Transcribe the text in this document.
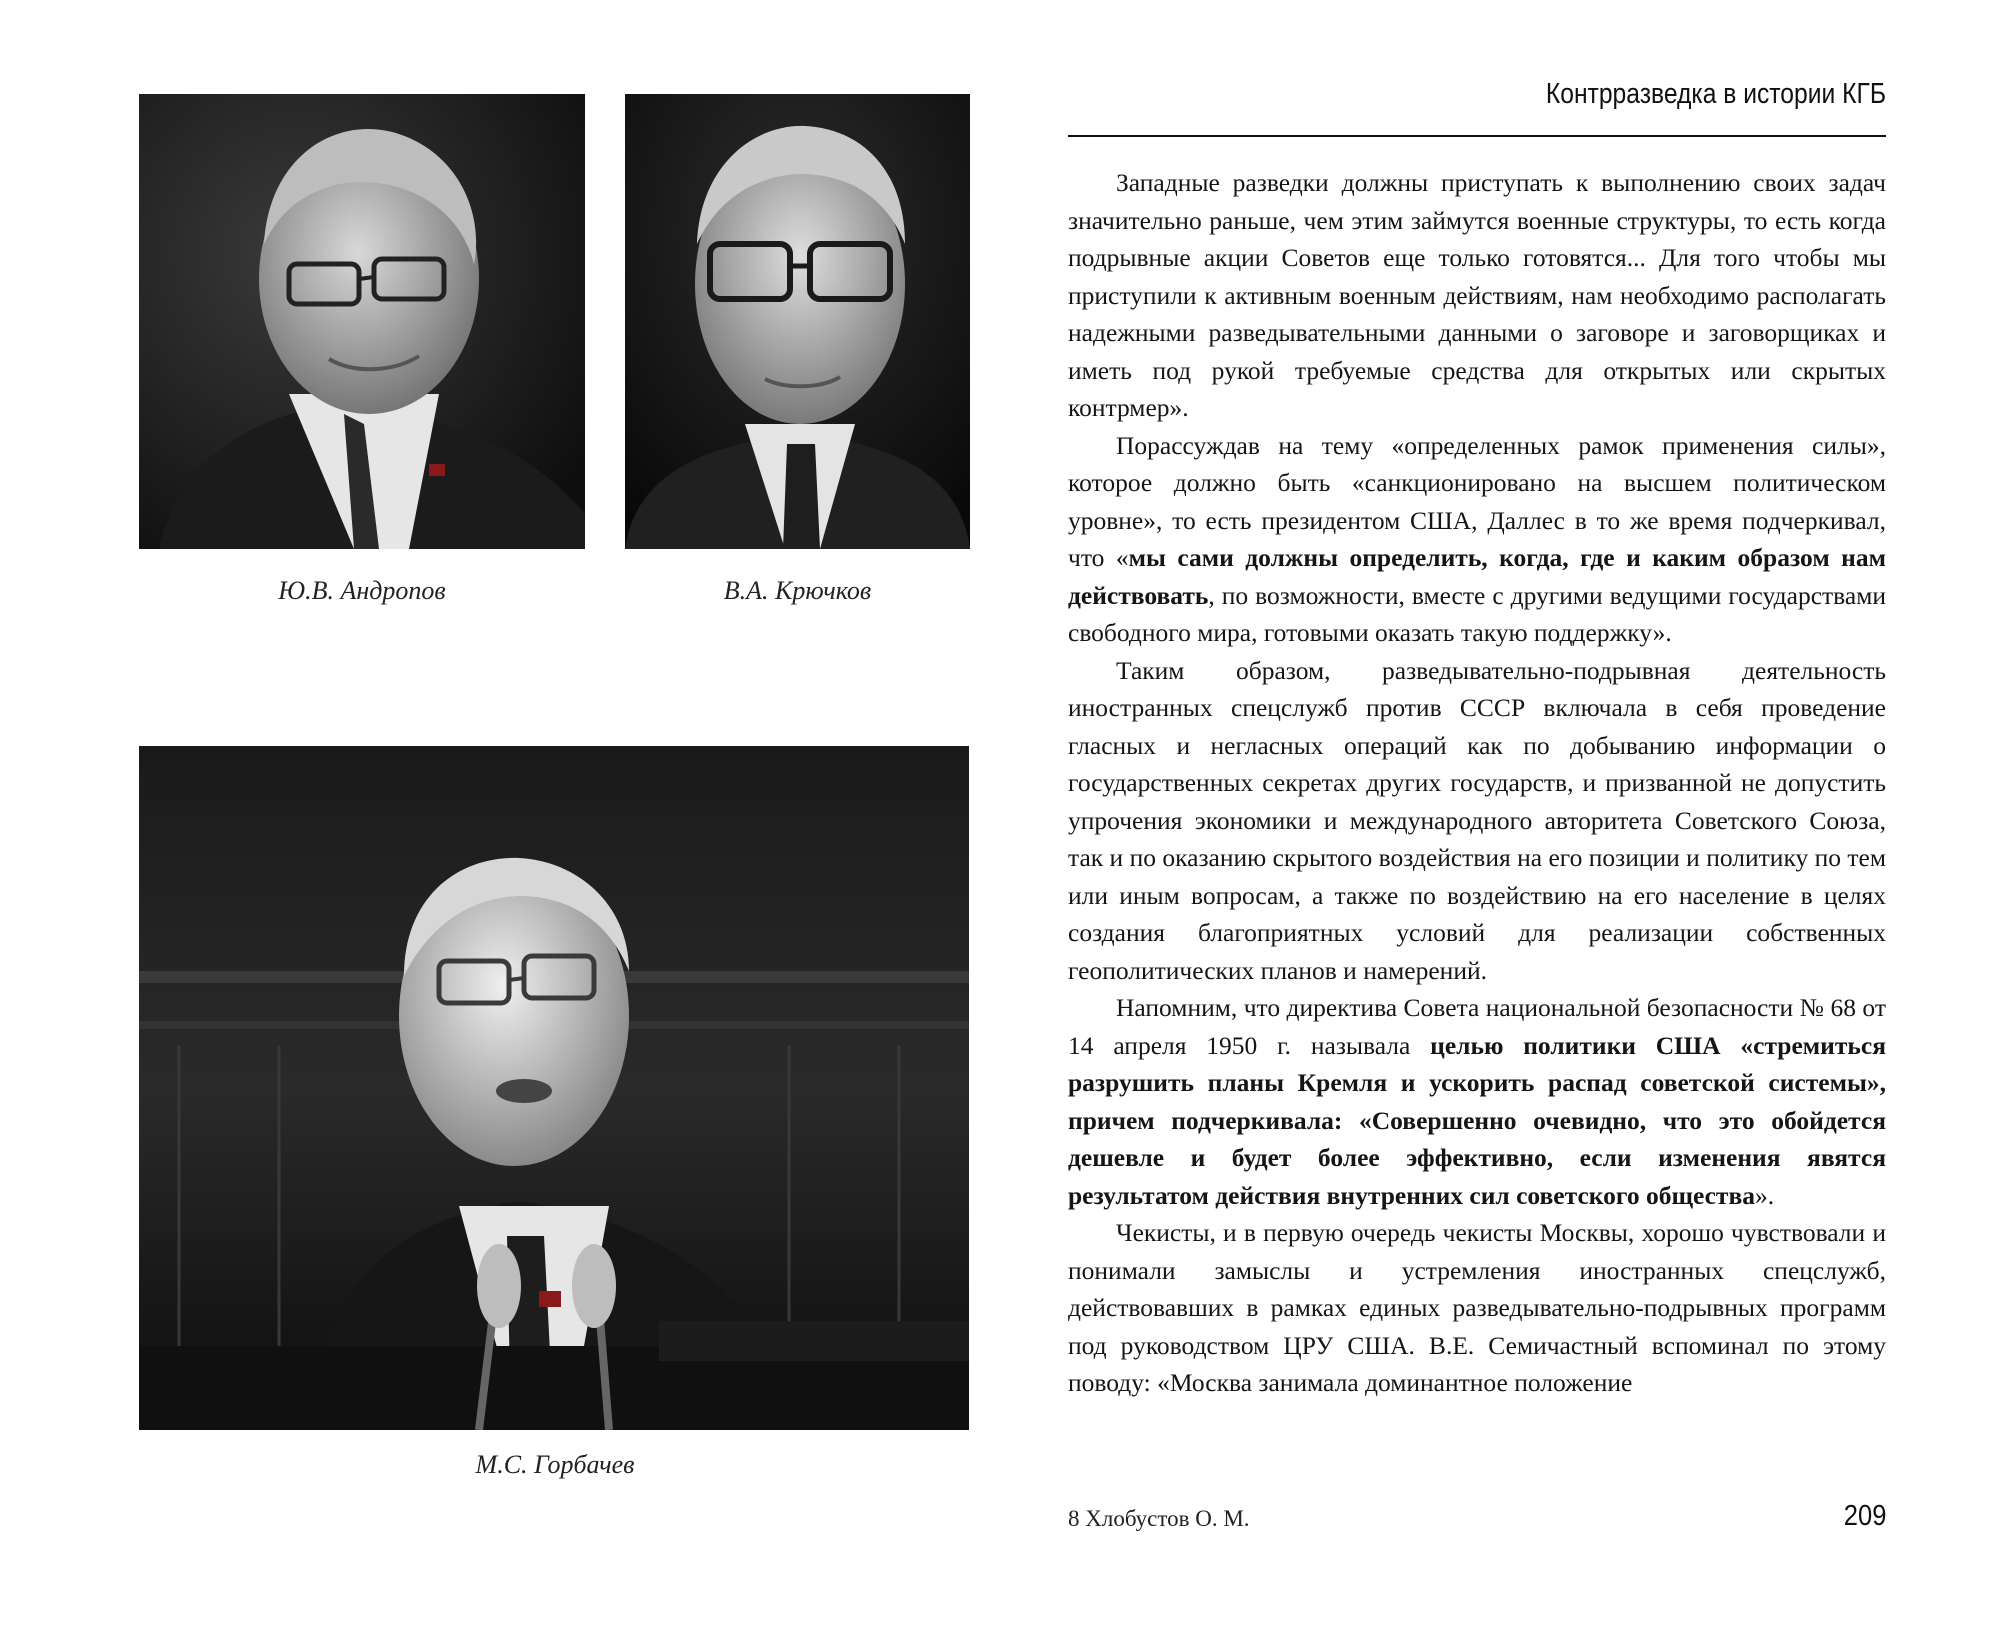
Ю.В. Андропов	В.А. Крючков
М.С. Горбачев
Контрразведка в истории КГБ

Западные разведки должны приступать к выполнению своих задач значительно раньше, чем этим займутся военные структуры, то есть когда подрывные акции Советов еще только готовятся... Для того чтобы мы приступили к активным военным действиям, нам необходимо располагать надежными разведывательными данными о заговоре и заговорщиках и иметь под рукой требуемые средства для открытых или скрытых контрмер».

Порассуждав на тему «определенных рамок применения силы», которое должно быть «санкционировано на высшем политическом уровне», то есть президентом США, Даллес в то же время подчеркивал, что «мы сами должны определить, когда, где и каким образом нам действовать, по возможности, вместе с другими ведущими государствами свободного мира, готовыми оказать такую поддержку».

Таким образом, разведывательно-подрывная деятельность иностранных спецслужб против СССР включала в себя проведение гласных и негласных операций как по добыванию информации о государственных секретах других государств, и призванной не допустить упрочения экономики и международного авторитета Советского Союза, так и по оказанию скрытого воздействия на его позиции и политику по тем или иным вопросам, а также по воздействию на его население в целях создания благоприятных условий для реализации собственных геополитических планов и намерений.

Напомним, что директива Совета национальной безопасности № 68 от 14 апреля 1950 г. называла целью политики США «стремиться разрушить планы Кремля и ускорить распад советской системы», причем подчеркивала: «Совершенно очевидно, что это обойдется дешевле и будет более эффективно, если изменения явятся результатом действия внутренних сил советского общества».

Чекисты, и в первую очередь чекисты Москвы, хорошо чувствовали и понимали замыслы и устремления иностранных спецслужб, действовавших в рамках единых разведывательно-подрывных программ под руководством ЦРУ США. В.Е. Семичастный вспоминал по этому поводу: «Москва занимала доминантное положение

8 Хлобустов О. М.	209
